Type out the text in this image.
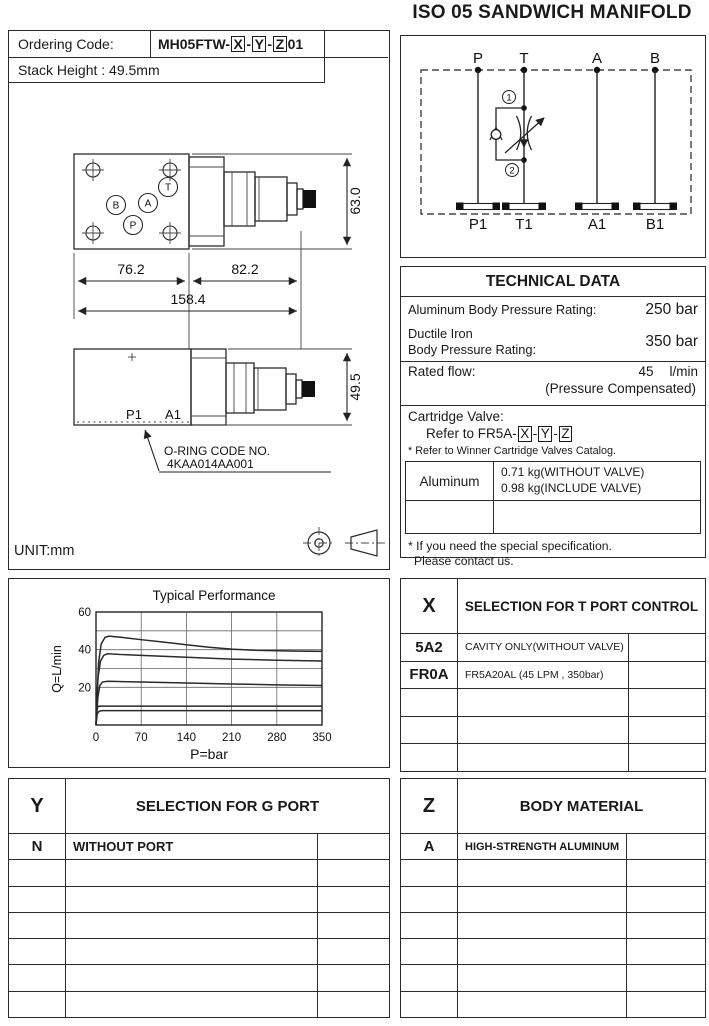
ISO 05 SANDWICH MANIFOLD
Ordering Code:	MH05FTW- X - Y - Z 01
Stack Height : 49.5mm
B	A
P
T	63.0
76.2	82.2
158.4
P1 A1
49.5
O-RING CODE NO.
4KAA014AA001
UNIT:mm
P
P1
T
T1
1
2
A
A1
B
B1
TECHNICAL DATA
Aluminum Body Pressure Rating:	250 bar
Ductile Iron
Body Pressure Rating:	350 bar
Rated flow:	45 l/min
(Pressure Compensated)
Cartridge Valve:
Refer to FR5A- X - Y - Z
* Refer to Winner Cartridge Valves Catalog.
Aluminum
0.71 kg(WITHOUT VALVE)
0.98 kg(INCLUDE VALVE)
* If you need the special specification.
Please contact us.
0	70	140 210 280 350
20
40
60
Typical Performance
P=bar
Q=L/min
X	SELECTION FOR T PORT CONTROL
5A2	CAVITY ONLY(WITHOUT VALVE)
FR0A	FR5A20AL (45 LPM , 350bar)
Y	SELECTION FOR G PORT
N	WITHOUT PORT
Z	BODY MATERIAL
A	HIGH-STRENGTH ALUMINUM
